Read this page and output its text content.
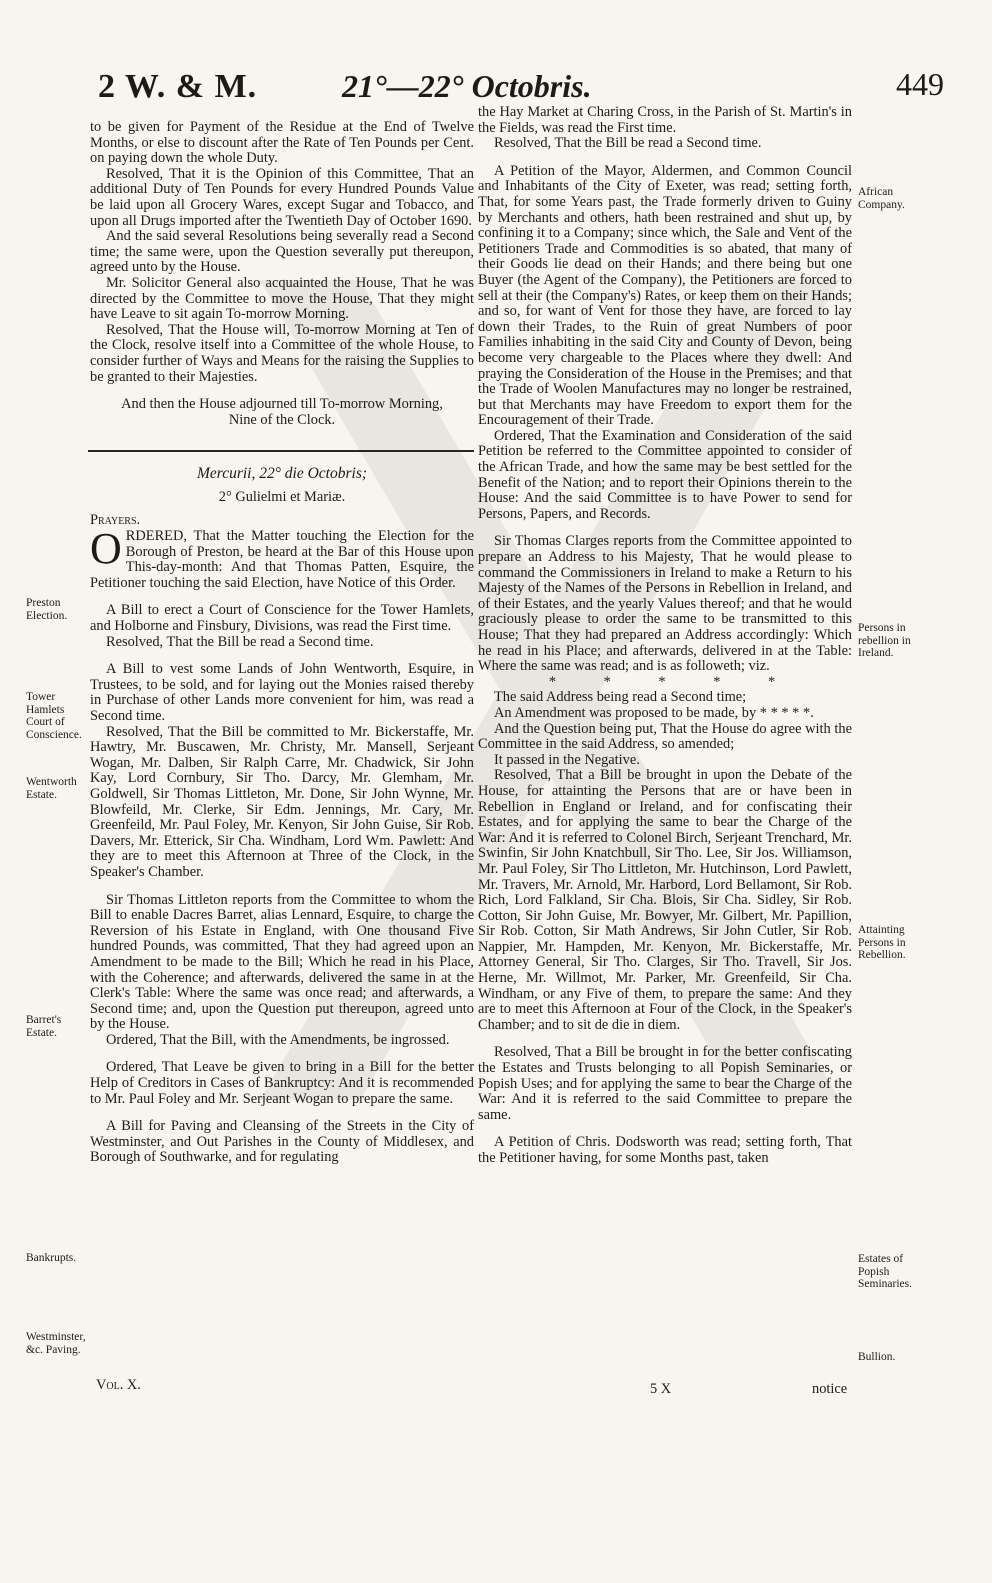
2 W. & M.	21°—22° Octobris.	449

to be given for Payment of the Residue at the End of Twelve Months, or else to discount after the Rate of Ten Pounds per Cent. on paying down the whole Duty.

Resolved, That it is the Opinion of this Committee, That an additional Duty of Ten Pounds for every Hundred Pounds Value be laid upon all Grocery Wares, except Sugar and Tobacco, and upon all Drugs imported after the Twentieth Day of October 1690.

And the said several Resolutions being severally read a Second time; the same were, upon the Question severally put thereupon, agreed unto by the House.

Mr. Solicitor General also acquainted the House, That he was directed by the Committee to move the House, That they might have Leave to sit again To-morrow Morning.

Resolved, That the House will, To-morrow Morning at Ten of the Clock, resolve itself into a Committee of the whole House, to consider further of Ways and Means for the raising the Supplies to be granted to their Majesties.

And then the House adjourned till To-morrow Morning, Nine of the Clock.

Mercurii, 22° die Octobris;

2° Gulielmi et Mariæ.

Prayers.

ORDERED, That the Matter touching the Election for the Borough of Preston, be heard at the Bar of this House upon This-day-month: And that Thomas Patten, Esquire, the Petitioner touching the said Election, have Notice of this Order.

A Bill to erect a Court of Conscience for the Tower Hamlets, and Holborne and Finsbury, Divisions, was read the First time.

Resolved, That the Bill be read a Second time.

A Bill to vest some Lands of John Wentworth, Esquire, in Trustees, to be sold, and for laying out the Monies raised thereby in Purchase of other Lands more convenient for him, was read a Second time.

Resolved, That the Bill be committed to Mr. Bickerstaffe, Mr. Hawtry, Mr. Buscawen, Mr. Christy, Mr. Mansell, Serjeant Wogan, Mr. Dalben, Sir Ralph Carre, Mr. Chadwick, Sir John Kay, Lord Cornbury, Sir Tho. Darcy, Mr. Glemham, Mr. Goldwell, Sir Thomas Littleton, Mr. Done, Sir John Wynne, Mr. Blowfeild, Mr. Clerke, Sir Edm. Jennings, Mr. Cary, Mr. Greenfeild, Mr. Paul Foley, Mr. Kenyon, Sir John Guise, Sir Rob. Davers, Mr. Etterick, Sir Cha. Windham, Lord Wm. Pawlett: And they are to meet this Afternoon at Three of the Clock, in the Speaker's Chamber.

Sir Thomas Littleton reports from the Committee to whom the Bill to enable Dacres Barret, alias Lennard, Esquire, to charge the Reversion of his Estate in England, with One thousand Five hundred Pounds, was committed, That they had agreed upon an Amendment to be made to the Bill; Which he read in his Place, with the Coherence; and afterwards, delivered the same in at the Clerk's Table: Where the same was once read; and afterwards, a Second time; and, upon the Question put thereupon, agreed unto by the House.

Ordered, That the Bill, with the Amendments, be ingrossed.

Ordered, That Leave be given to bring in a Bill for the better Help of Creditors in Cases of Bankruptcy: And it is recommended to Mr. Paul Foley and Mr. Serjeant Wogan to prepare the same.

A Bill for Paving and Cleansing of the Streets in the City of Westminster, and Out Parishes in the County of Middlesex, and Borough of Southwarke, and for regulating

the Hay Market at Charing Cross, in the Parish of St. Martin's in the Fields, was read the First time.

Resolved, That the Bill be read a Second time.

A Petition of the Mayor, Aldermen, and Common Council and Inhabitants of the City of Exeter, was read; setting forth, That, for some Years past, the Trade formerly driven to Guiny by Merchants and others, hath been restrained and shut up, by confining it to a Company; since which, the Sale and Vent of the Petitioners Trade and Commodities is so abated, that many of their Goods lie dead on their Hands; and there being but one Buyer (the Agent of the Company), the Petitioners are forced to sell at their (the Company's) Rates, or keep them on their Hands; and so, for want of Vent for those they have, are forced to lay down their Trades, to the Ruin of great Numbers of poor Families inhabiting in the said City and County of Devon, being become very chargeable to the Places where they dwell: And praying the Consideration of the House in the Premises; and that the Trade of Woolen Manufactures may no longer be restrained, but that Merchants may have Freedom to export them for the Encouragement of their Trade.

Ordered, That the Examination and Consideration of the said Petition be referred to the Committee appointed to consider of the African Trade, and how the same may be best settled for the Benefit of the Nation; and to report their Opinions therein to the House: And the said Committee is to have Power to send for Persons, Papers, and Records.

Sir Thomas Clarges reports from the Committee appointed to prepare an Address to his Majesty, That he would please to command the Commissioners in Ireland to make a Return to his Majesty of the Names of the Persons in Rebellion in Ireland, and of their Estates, and the yearly Values thereof; and that he would graciously please to order the same to be transmitted to this House; That they had prepared an Address accordingly: Which he read in his Place; and afterwards, delivered in at the Table: Where the same was read; and is as followeth; viz.

* * * * *

The said Address being read a Second time;

An Amendment was proposed to be made, by * * * * *.

And the Question being put, That the House do agree with the Committee in the said Address, so amended;

It passed in the Negative.

Resolved, That a Bill be brought in upon the Debate of the House, for attainting the Persons that are or have been in Rebellion in England or Ireland, and for confiscating their Estates, and for applying the same to bear the Charge of the War: And it is referred to Colonel Birch, Serjeant Trenchard, Mr. Swinfin, Sir John Knatchbull, Sir Tho. Lee, Sir Jos. Williamson, Mr. Paul Foley, Sir Tho Littleton, Mr. Hutchinson, Lord Pawlett, Mr. Travers, Mr. Arnold, Mr. Harbord, Lord Bellamont, Sir Rob. Rich, Lord Falkland, Sir Cha. Blois, Sir Cha. Sidley, Sir Rob. Cotton, Sir John Guise, Mr. Bowyer, Mr. Gilbert, Mr. Papillion, Sir Rob. Cotton, Sir Math Andrews, Sir John Cutler, Sir Rob. Nappier, Mr. Hampden, Mr. Kenyon, Mr. Bickerstaffe, Mr. Attorney General, Sir Tho. Clarges, Sir Tho. Travell, Sir Jos. Herne, Mr. Willmot, Mr. Parker, Mr. Greenfeild, Sir Cha. Windham, or any Five of them, to prepare the same: And they are to meet this Afternoon at Four of the Clock, in the Speaker's Chamber; and to sit de die in diem.

Resolved, That a Bill be brought in for the better confiscating the Estates and Trusts belonging to all Popish Seminaries, or Popish Uses; and for applying the same to bear the Charge of the War: And it is referred to the said Committee to prepare the same.

A Petition of Chris. Dodsworth was read; setting forth, That the Petitioner having, for some Months past, taken

Preston Election.
Tower Hamlets Court of Conscience.
Wentworth Estate.
Barret's Estate.
Bankrupts.
Westminster, &c. Paving.
African Company.
Persons in rebellion in Ireland.
Attainting Persons in Rebellion.
Estates of Popish Seminaries.
Bullion.
Vol. X.	5 X	notice
